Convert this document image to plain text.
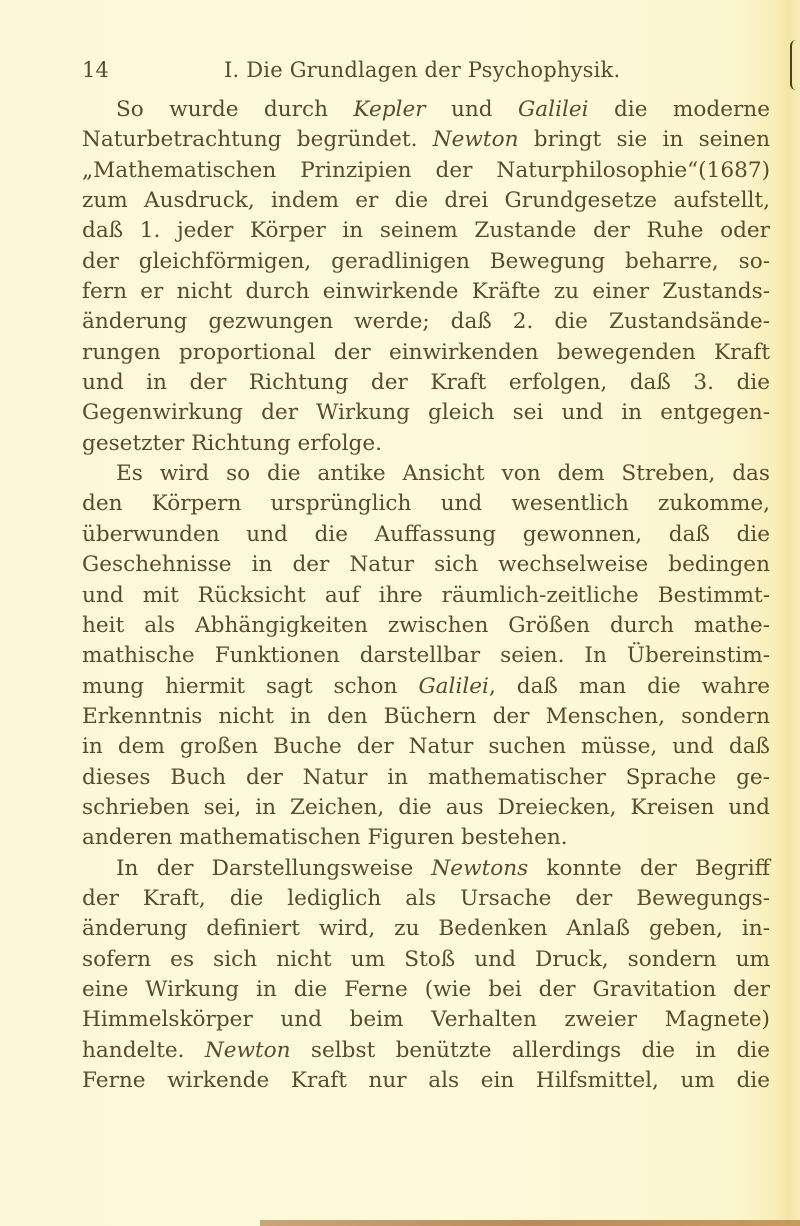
14	I. Die Grundlagen der Psychophysik.
So wurde durch Kepler und Galilei die moderne
Naturbetrachtung begründet. Newton bringt sie in seinen
„Mathematischen Prinzipien der Naturphilosophie“(1687)
zum Ausdruck, indem er die drei Grundgesetze aufstellt,
daß 1. jeder Körper in seinem Zustande der Ruhe oder
der gleichförmigen, geradlinigen Bewegung beharre, so-
fern er nicht durch einwirkende Kräfte zu einer Zustands-
änderung gezwungen werde; daß 2. die Zustandsände-
rungen proportional der einwirkenden bewegenden Kraft
und in der Richtung der Kraft erfolgen, daß 3. die
Gegenwirkung der Wirkung gleich sei und in entgegen-
gesetzter Richtung erfolge.
Es wird so die antike Ansicht von dem Streben, das
den Körpern ursprünglich und wesentlich zukomme,
überwunden und die Auffassung gewonnen, daß die
Geschehnisse in der Natur sich wechselweise bedingen
und mit Rücksicht auf ihre räumlich-zeitliche Bestimmt-
heit als Abhängigkeiten zwischen Größen durch mathe-
mathische Funktionen darstellbar seien. In Übereinstim-
mung hiermit sagt schon Galilei, daß man die wahre
Erkenntnis nicht in den Büchern der Menschen, sondern
in dem großen Buche der Natur suchen müsse, und daß
dieses Buch der Natur in mathematischer Sprache ge-
schrieben sei, in Zeichen, die aus Dreiecken, Kreisen und
anderen mathematischen Figuren bestehen.
In der Darstellungsweise Newtons konnte der Begriff
der Kraft, die lediglich als Ursache der Bewegungs-
änderung definiert wird, zu Bedenken Anlaß geben, in-
sofern es sich nicht um Stoß und Druck, sondern um
eine Wirkung in die Ferne (wie bei der Gravitation der
Himmelskörper und beim Verhalten zweier Magnete)
handelte. Newton selbst benützte allerdings die in die
Ferne wirkende Kraft nur als ein Hilfsmittel, um die
